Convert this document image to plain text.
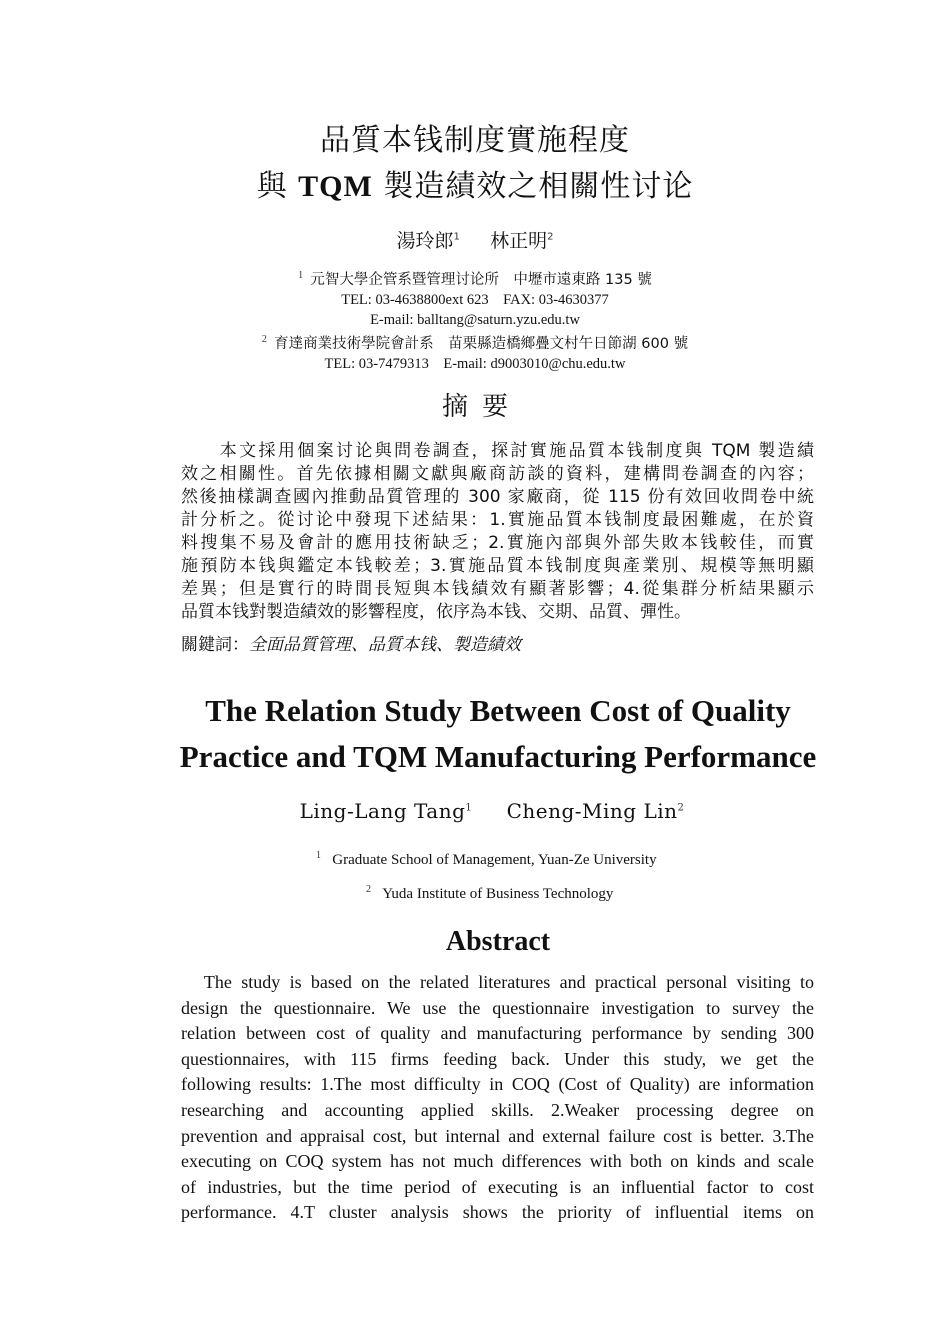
品質本钱制度實施程度
與 TQM 製造績效之相關性讨论
湯玲郎$^1$ 林正明$^2$
$^1$ 元智大學企管系暨管理讨论所　中壢市遠東路 135 號
TEL: 03-4638800ext 623　FAX: 03-4630377
E-mail: balltang@saturn.yzu.edu.tw
$^2$ 育達商業技術學院會計系　苗栗縣造橋鄉疊文村午日節湖 600 號
TEL: 03-7479313　E-mail: d9003010@chu.edu.tw
摘要
　　本文採用個案讨论與問卷調查，探討實施品質本钱制度與 TQM 製造績
效之相關性。首先依據相關文獻與廠商訪談的資料，建構問卷調查的內容；
然後抽樣調查國內推動品質管理的 300 家廠商，從 115 份有效回收問卷中統
計分析之。從讨论中發現下述結果：1.實施品質本钱制度最困難處，在於資
料搜集不易及會計的應用技術缺乏；2.實施內部與外部失敗本钱較佳，而實
施預防本钱與鑑定本钱較差；3.實施品質本钱制度與產業別、規模等無明顯
差異；但是實行的時間長短與本钱績效有顯著影響；4.從集群分析結果顯示
品質本钱對製造績效的影響程度，依序為本钱、交期、品質、彈性。
關鍵詞：全面品質管理、品質本钱、製造績效
The Relation Study Between Cost of Quality
Practice and TQM Manufacturing Performance
Ling-Lang Tang$^1$ Cheng-Ming Lin$^2$
$^1$ Graduate School of Management, Yuan-Ze University
$^2$ Yuda Institute of Business Technology
Abstract
　The study is based on the related literatures and practical personal visiting to
design the questionnaire. We use the questionnaire investigation to survey the
relation between cost of quality and manufacturing performance by sending 300
questionnaires, with 115 firms feeding back. Under this study, we get the
following results: 1.The most difficulty in COQ (Cost of Quality) are information
researching and accounting applied skills. 2.Weaker processing degree on
prevention and appraisal cost, but internal and external failure cost is better. 3.The
executing on COQ system has not much differences with both on kinds and scale
of industries, but the time period of executing is an influential factor to cost
performance. 4.T cluster analysis shows the priority of influential items on
